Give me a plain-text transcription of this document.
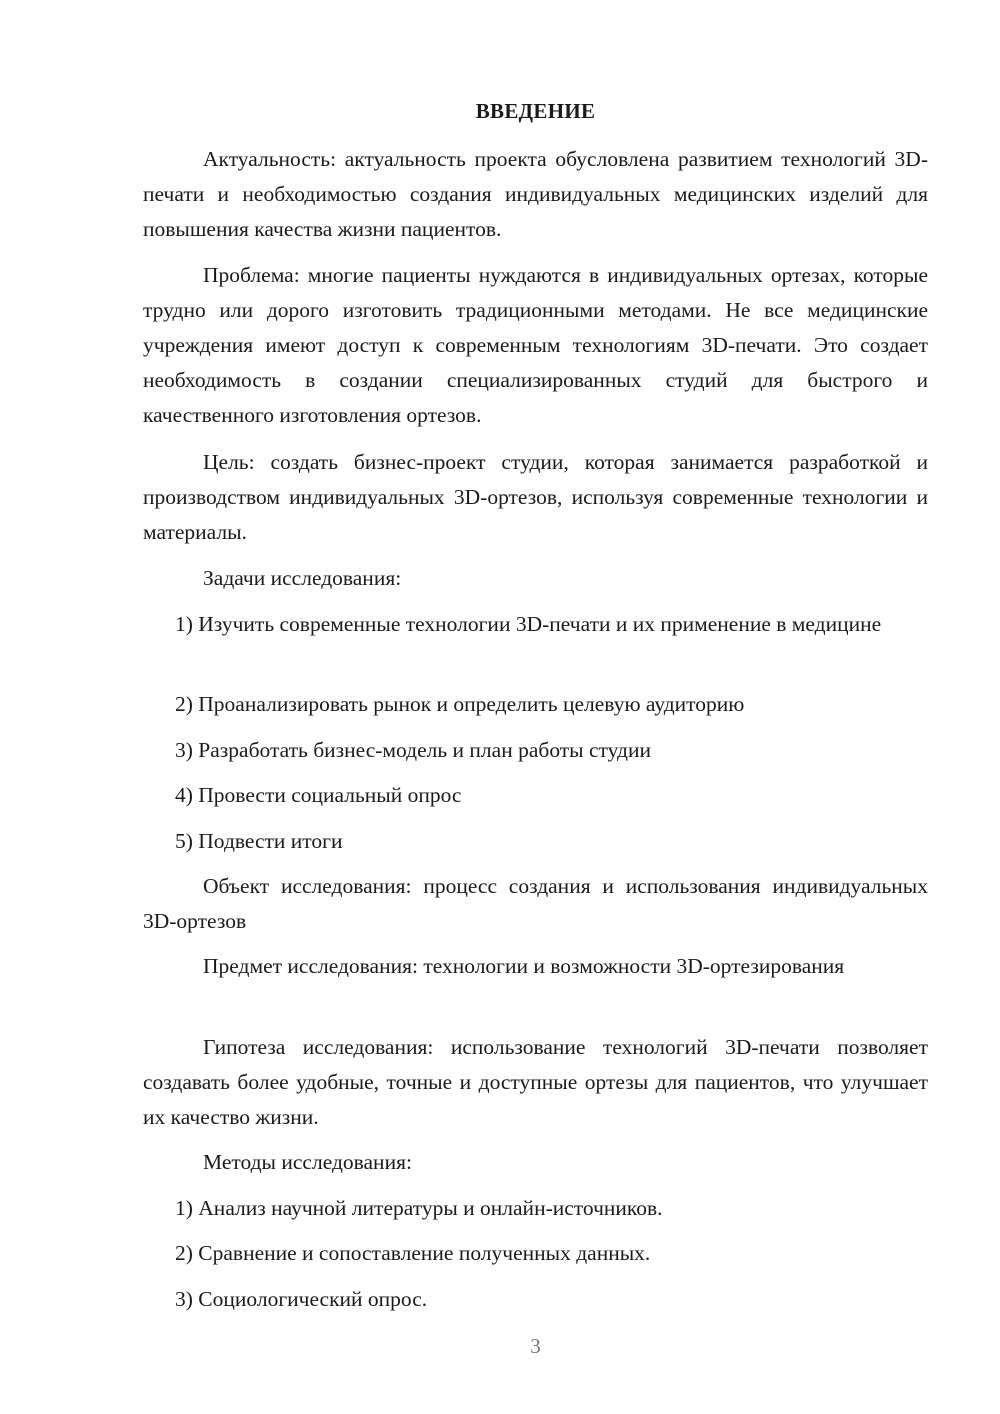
ВВЕДЕНИЕ

Актуальность: актуальность проекта обусловлена развитием технологий 3D-печати и необходимостью создания индивидуальных медицинских изделий для повышения качества жизни пациентов.

Проблема: многие пациенты нуждаются в индивидуальных ортезах, которые трудно или дорого изготовить традиционными методами. Не все медицинские учреждения имеют доступ к современным технологиям 3D-печати. Это создает необходимость в создании специализированных студий для быстрого и качественного изготовления ортезов.

Цель: создать бизнес-проект студии, которая занимается разработкой и производством индивидуальных 3D-ортезов, используя современные технологии и материалы.

Задачи исследования:

1) Изучить современные технологии 3D-печати и их применение в медицине

2) Проанализировать рынок и определить целевую аудиторию

3) Разработать бизнес-модель и план работы студии

4) Провести социальный опрос

5) Подвести итоги

Объект исследования: процесс создания и использования индивидуальных 3D-ортезов

Предмет исследования: технологии и возможности 3D-ортезирования

Гипотеза исследования: использование технологий 3D-печати позволяет создавать более удобные, точные и доступные ортезы для пациентов, что улучшает их качество жизни.

Методы исследования:

1) Анализ научной литературы и онлайн-источников.

2) Сравнение и сопоставление полученных данных.

3) Социологический опрос.

3
